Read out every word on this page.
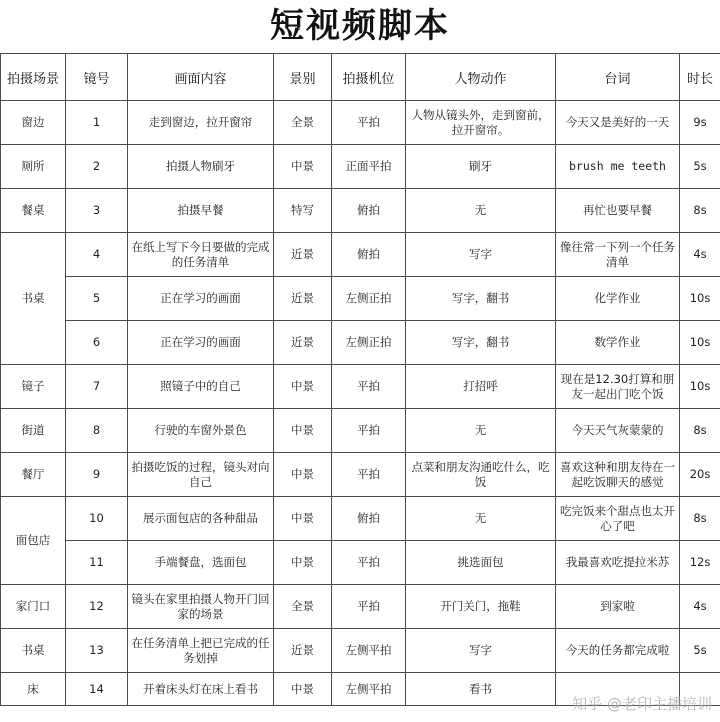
短视频脚本
拍摄场景	镜号	画面内容	景别	拍摄机位	人物动作	台词	时长
窗边	1	走到窗边，拉开窗帘	全景	平拍	人物从镜头外，走到窗前，拉开窗帘。	今天又是美好的一天	9s
厕所	2	拍摄人物刷牙	中景	正面平拍	刷牙	brush me teeth	5s
餐桌	3	拍摄早餐	特写	俯拍	无	再忙也要早餐	8s
书桌	4	在纸上写下今日要做的完成的任务清单	近景	俯拍	写字	像往常一下列一个任务清单	4s
	5	正在学习的画面	近景	左侧正拍	写字，翻书	化学作业	10s
	6	正在学习的画面	近景	左侧正拍	写字，翻书	数学作业	10s
镜子	7	照镜子中的自己	中景	平拍	打招呼	现在是12.30打算和朋友一起出门吃个饭	10s
街道	8	行驶的车窗外景色	中景	平拍	无	今天天气灰蒙蒙的	8s
餐厅	9	拍摄吃饭的过程，镜头对向自己	中景	平拍	点菜和朋友沟通吃什么，吃饭	喜欢这种和朋友待在一起吃饭聊天的感觉	20s
面包店	10	展示面包店的各种甜品	中景	俯拍	无	吃完饭来个甜点也太开心了吧	8s
	11	手端餐盘，选面包	中景	平拍	挑选面包	我最喜欢吃提拉米苏	12s
家门口	12	镜头在家里拍摄人物开门回家的场景	全景	平拍	开门关门，拖鞋	到家啦	4s
书桌	13	在任务清单上把已完成的任务划掉	近景	左侧平拍	写字	今天的任务都完成啦	5s
床	14	开着床头灯在床上看书	中景	左侧平拍	看书		
知乎 @老印主播培训
